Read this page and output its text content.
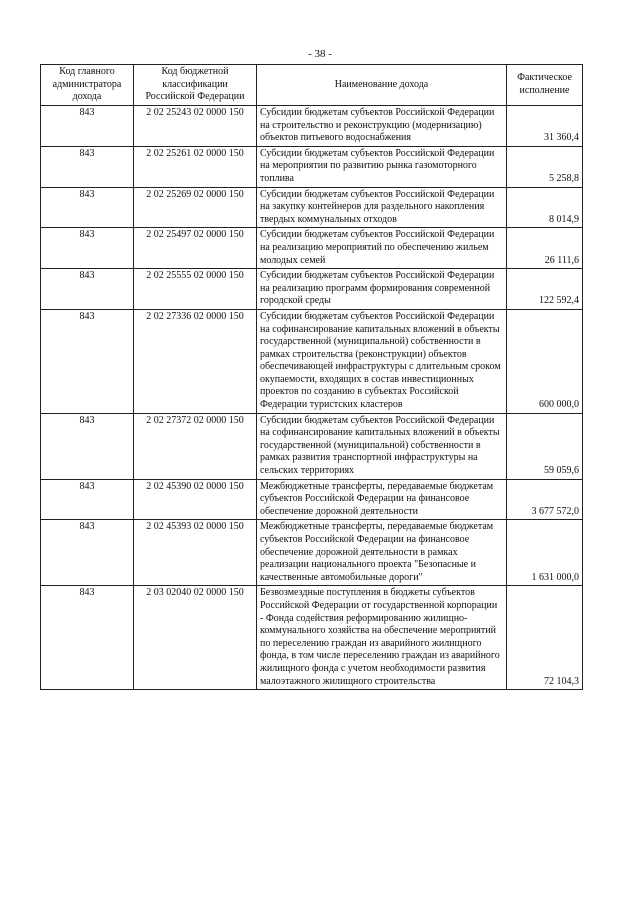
- 38 -
Код главного администратора дохода	Код бюджетной классификации Российской Федерации	Наименование дохода	Фактическое исполнение
843	2 02 25243 02 0000 150	Субсидии бюджетам субъектов Российской Федерации на строительство и реконструкцию (модернизацию) объектов питьевого водоснабжения	31 360,4
843	2 02 25261 02 0000 150	Субсидии бюджетам субъектов Российской Федерации на мероприятия по развитию рынка газомоторного топлива	5 258,8
843	2 02 25269 02 0000 150	Субсидии бюджетам субъектов Российской Федерации на закупку контейнеров для раздельного накопления твердых коммунальных отходов	8 014,9
843	2 02 25497 02 0000 150	Субсидии бюджетам субъектов Российской Федерации на реализацию мероприятий по обеспечению жильем молодых семей	26 111,6
843	2 02 25555 02 0000 150	Субсидии бюджетам субъектов Российской Федерации на реализацию программ формирования современной городской среды	122 592,4
843	2 02 27336 02 0000 150	Субсидии бюджетам субъектов Российской Федерации на софинансирование капитальных вложений в объекты государственной (муниципальной) собственности в рамках строительства (реконструкции) объектов обеспечивающей инфраструктуры с длительным сроком окупаемости, входящих в состав инвестиционных проектов по созданию в субъектах Российской Федерации туристских кластеров	600 000,0
843	2 02 27372 02 0000 150	Субсидии бюджетам субъектов Российской Федерации на софинансирование капитальных вложений в объекты государственной (муниципальной) собственности в рамках развития транспортной инфраструктуры на сельских территориях	59 059,6
843	2 02 45390 02 0000 150	Межбюджетные трансферты, передаваемые бюджетам субъектов Российской Федерации на финансовое обеспечение дорожной деятельности	3 677 572,0
843	2 02 45393 02 0000 150	Межбюджетные трансферты, передаваемые бюджетам субъектов Российской Федерации на финансовое обеспечение дорожной деятельности в рамках реализации национального проекта "Безопасные и качественные автомобильные дороги"	1 631 000,0
843	2 03 02040 02 0000 150	Безвозмездные поступления в бюджеты субъектов Российской Федерации от государственной корпорации - Фонда содействия реформированию жилищно-коммунального хозяйства на обеспечение мероприятий по переселению граждан из аварийного жилищного фонда, в том числе переселению граждан из аварийного жилищного фонда с учетом необходимости развития малоэтажного жилищного строительства	72 104,3
